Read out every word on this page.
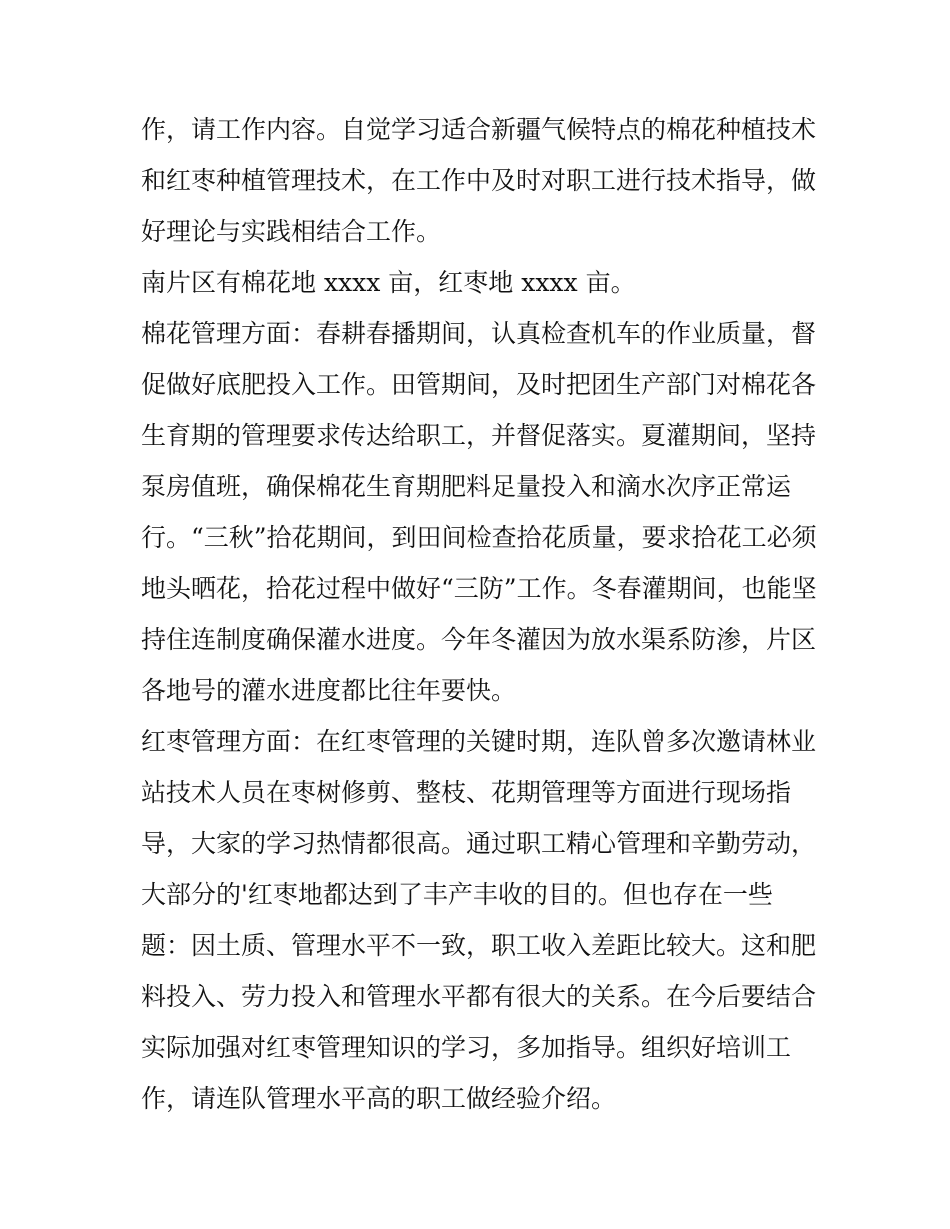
作，请工作内容。自觉学习适合新疆气候特点的棉花种植技术
和红枣种植管理技术，在工作中及时对职工进行技术指导，做
好理论与实践相结合工作。
南片区有棉花地 xxxx 亩，红枣地 xxxx 亩。
棉花管理方面：春耕春播期间，认真检查机车的作业质量，督
促做好底肥投入工作。田管期间，及时把团生产部门对棉花各
生育期的管理要求传达给职工，并督促落实。夏灌期间，坚持
泵房值班，确保棉花生育期肥料足量投入和滴水次序正常运
行。“三秋”拾花期间，到田间检查拾花质量，要求拾花工必须
地头晒花，拾花过程中做好“三防”工作。冬春灌期间，也能坚
持住连制度确保灌水进度。今年冬灌因为放水渠系防渗，片区
各地号的灌水进度都比往年要快。
红枣管理方面：在红枣管理的关键时期，连队曾多次邀请林业
站技术人员在枣树修剪、整枝、花期管理等方面进行现场指
导，大家的学习热情都很高。通过职工精心管理和辛勤劳动，
大部分的'红枣地都达到了丰产丰收的目的。但也存在一些
题：因土质、管理水平不一致，职工收入差距比较大。这和肥
料投入、劳力投入和管理水平都有很大的关系。在今后要结合
实际加强对红枣管理知识的学习，多加指导。组织好培训工
作，请连队管理水平高的职工做经验介绍。
